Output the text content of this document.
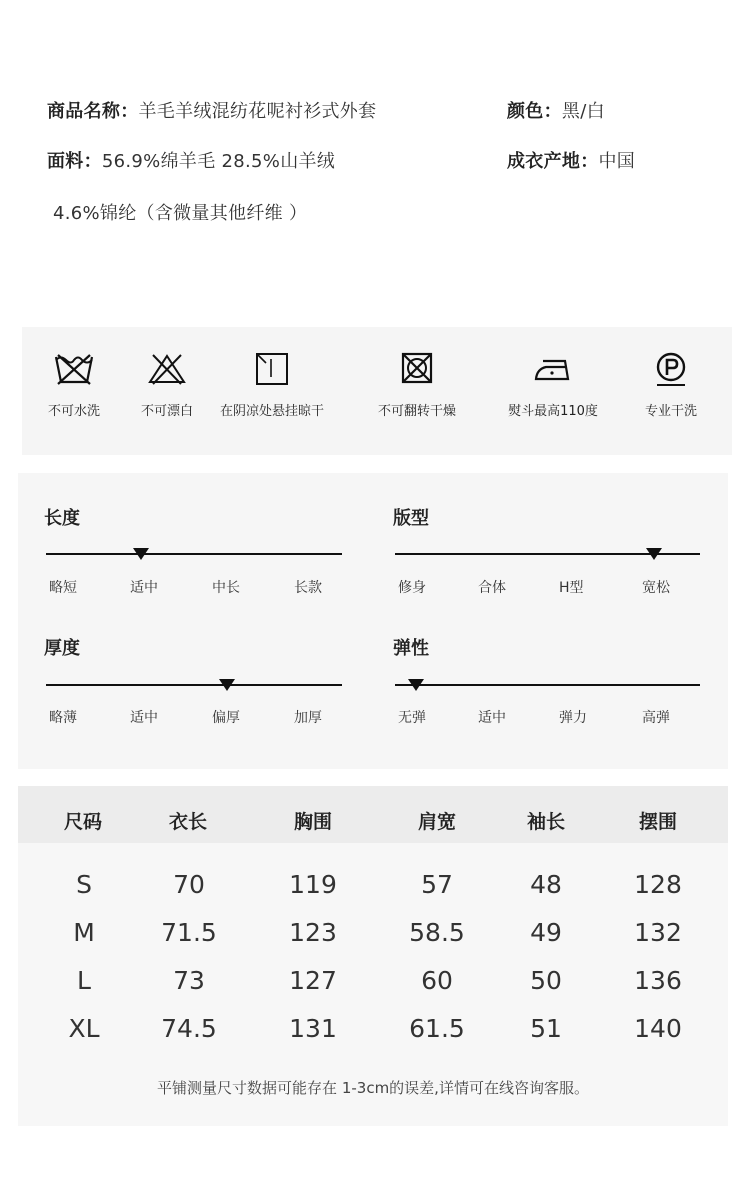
商品名称：羊毛羊绒混纺花呢衬衫式外套	颜色：黑/白
面料：56.9%绵羊毛 28.5%山羊绒	成衣产地：中国
4.6%锦纶（含微量其他纤维 ）
不可水洗	不可漂白	在阴凉处悬挂晾干	不可翻转干燥	熨斗最高110度	专业干洗
长度
略短	适中	中长	长款
版型
修身	合体	H型	宽松
厚度
略薄	适中	偏厚	加厚
弹性
无弹	适中	弹力	高弹
尺码	衣长	胸围	肩宽	袖长	摆围
S	70	119	57	48	128
M	71.5	123	58.5	49	132
L	73	127	60	50	136
XL	74.5	131	61.5	51	140
平铺测量尺寸数据可能存在 1-3cm的误差,详情可在线咨询客服。
